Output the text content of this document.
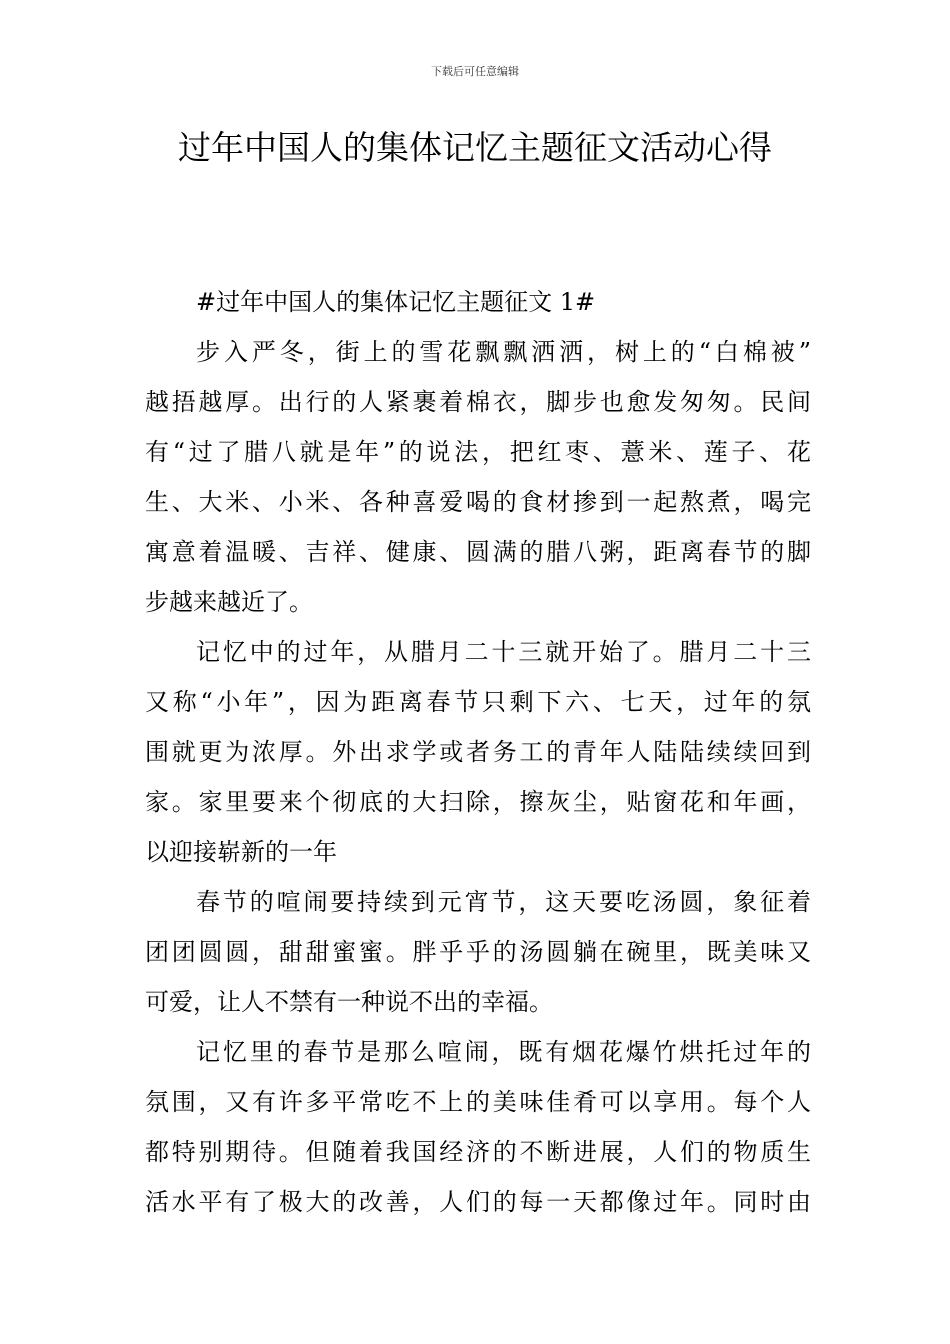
下载后可任意编辑
过年中国人的集体记忆主题征文活动心得
#过年中国人的集体记忆主题征文 1#
步入严冬，街上的雪花飘飘洒洒，树上的“白棉被”
越捂越厚。出行的人紧裹着棉衣，脚步也愈发匆匆。民间
有“过了腊八就是年”的说法，把红枣、薏米、莲子、花
生、大米、小米、各种喜爱喝的食材掺到一起熬煮，喝完
寓意着温暖、吉祥、健康、圆满的腊八粥，距离春节的脚
步越来越近了。
记忆中的过年，从腊月二十三就开始了。腊月二十三
又称“小年”，因为距离春节只剩下六、七天，过年的氛
围就更为浓厚。外出求学或者务工的青年人陆陆续续回到
家。家里要来个彻底的大扫除，擦灰尘，贴窗花和年画，
以迎接崭新的一年
春节的喧闹要持续到元宵节，这天要吃汤圆，象征着
团团圆圆，甜甜蜜蜜。胖乎乎的汤圆躺在碗里，既美味又
可爱，让人不禁有一种说不出的幸福。
记忆里的春节是那么喧闹，既有烟花爆竹烘托过年的
氛围，又有许多平常吃不上的美味佳肴可以享用。每个人
都特别期待。但随着我国经济的不断进展，人们的物质生
活水平有了极大的改善，人们的每一天都像过年。同时由
